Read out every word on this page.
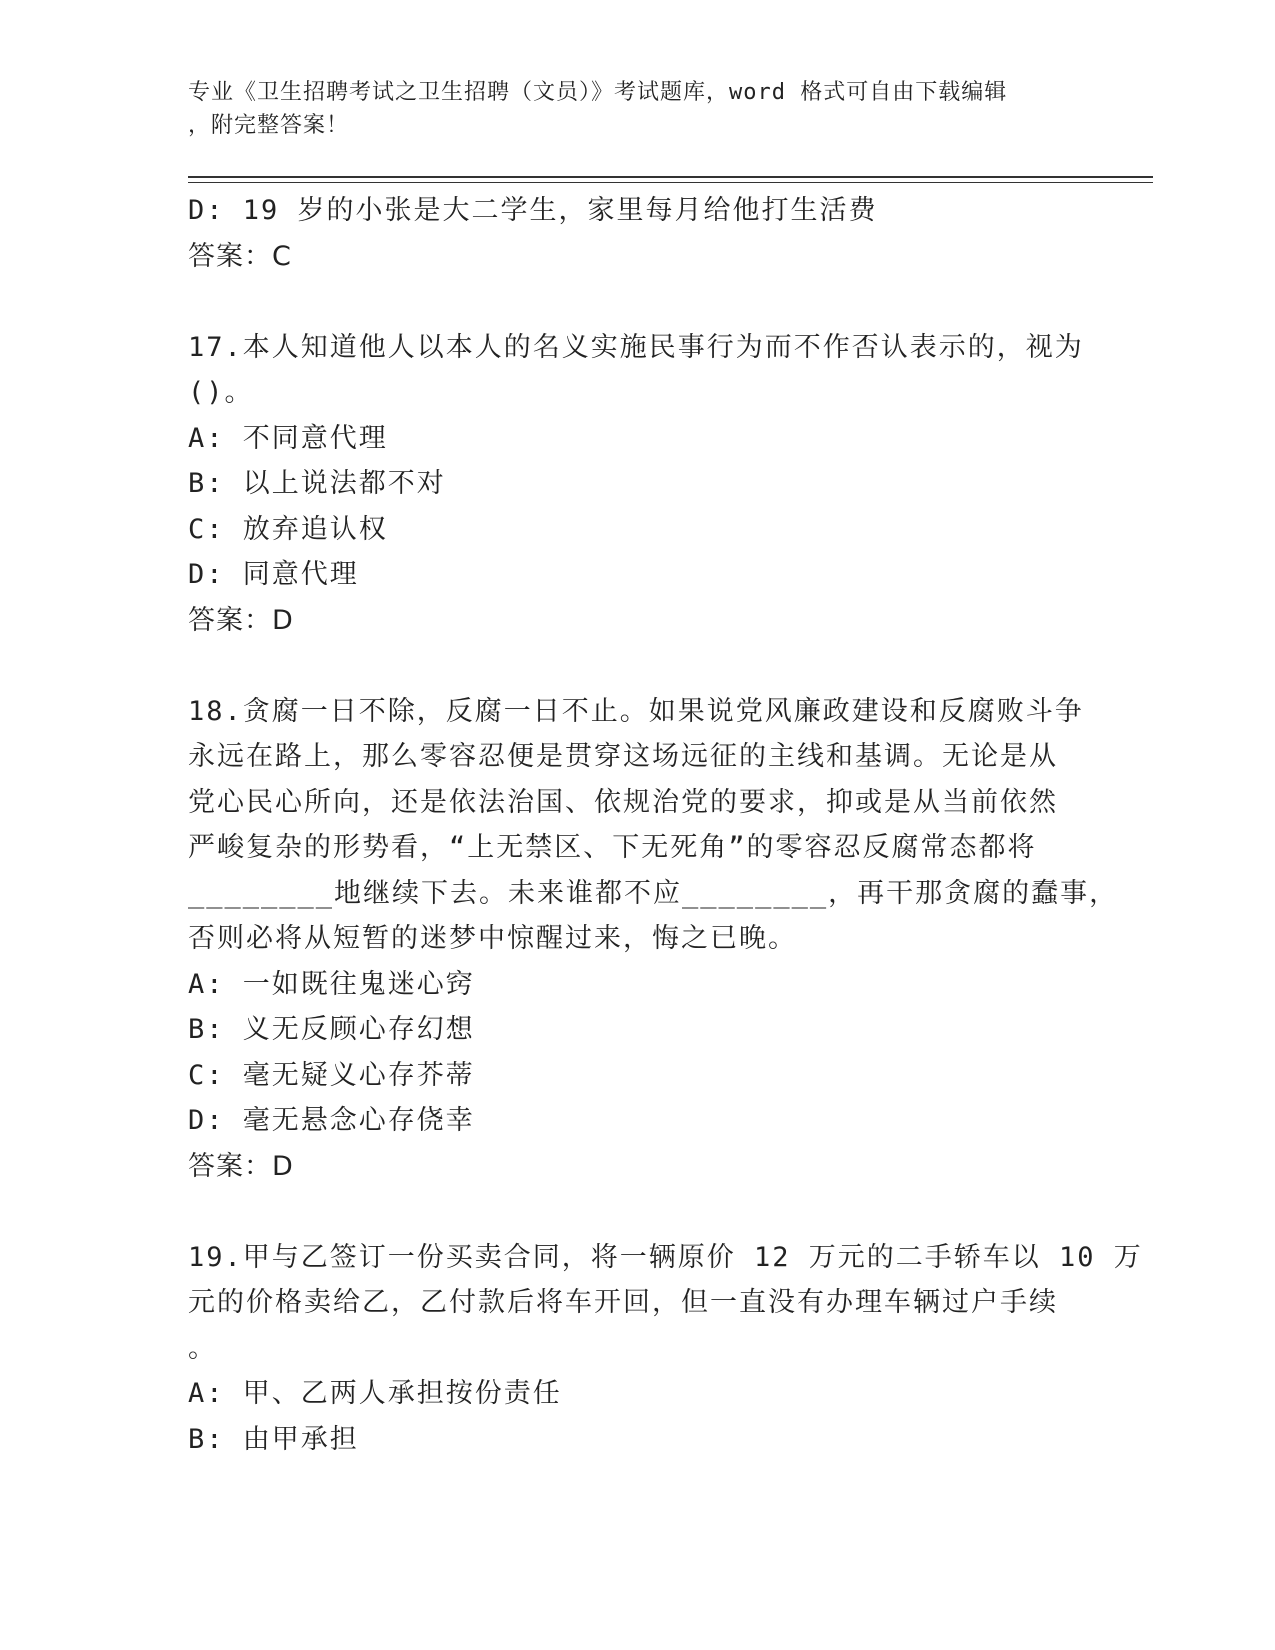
专业《卫生招聘考试之卫生招聘（文员）》考试题库，word 格式可自由下载编辑
，附完整答案！
D: 19 岁的小张是大二学生，家里每月给他打生活费
答案：C
17.本人知道他人以本人的名义实施民事行为而不作否认表示的，视为
()。
A: 不同意代理
B: 以上说法都不对
C: 放弃追认权
D: 同意代理
答案：D
18.贪腐一日不除，反腐一日不止。如果说党风廉政建设和反腐败斗争
永远在路上，那么零容忍便是贯穿这场远征的主线和基调。无论是从
党心民心所向，还是依法治国、依规治党的要求，抑或是从当前依然
严峻复杂的形势看，“上无禁区、下无死角”的零容忍反腐常态都将
________地继续下去。未来谁都不应________，再干那贪腐的蠢事，
否则必将从短暂的迷梦中惊醒过来，悔之已晚。
A: 一如既往鬼迷心窍
B: 义无反顾心存幻想
C: 毫无疑义心存芥蒂
D: 毫无悬念心存侥幸
答案：D
19.甲与乙签订一份买卖合同，将一辆原价 12 万元的二手轿车以 10 万
元的价格卖给乙，乙付款后将车开回，但一直没有办理车辆过户手续
。
A: 甲、乙两人承担按份责任
B: 由甲承担
